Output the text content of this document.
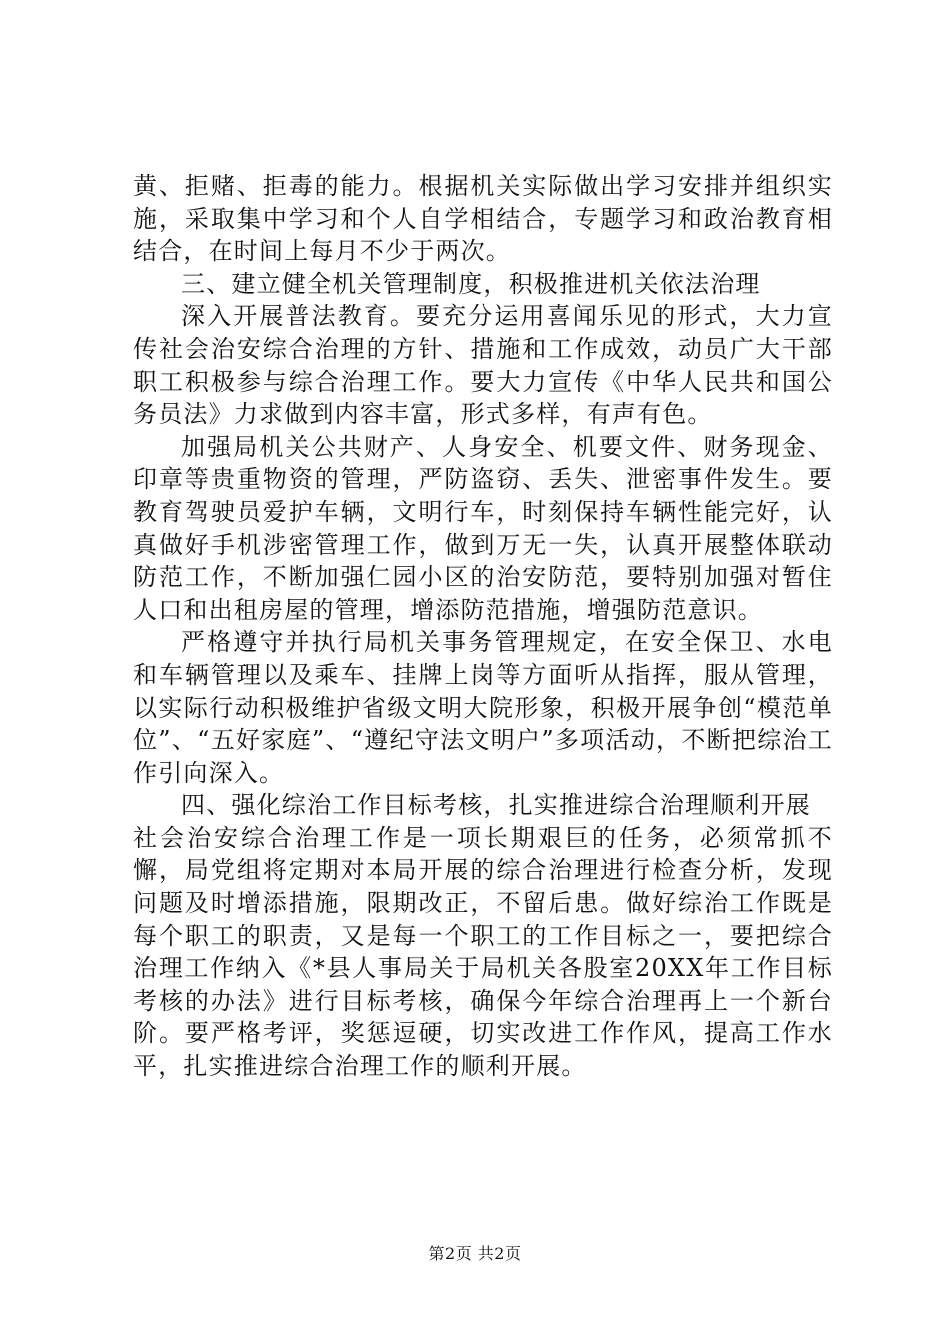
黄、拒赌、拒毒的能力。根据机关实际做出学习安排并组织实施，采取集中学习和个人自学相结合，专题学习和政治教育相结合，在时间上每月不少于两次。

三、建立健全机关管理制度，积极推进机关依法治理

深入开展普法教育。要充分运用喜闻乐见的形式，大力宣传社会治安综合治理的方针、措施和工作成效，动员广大干部职工积极参与综合治理工作。要大力宣传《中华人民共和国公务员法》力求做到内容丰富，形式多样，有声有色。

加强局机关公共财产、人身安全、机要文件、财务现金、印章等贵重物资的管理，严防盗窃、丢失、泄密事件发生。要教育驾驶员爱护车辆，文明行车，时刻保持车辆性能完好，认真做好手机涉密管理工作，做到万无一失，认真开展整体联动防范工作，不断加强仁园小区的治安防范，要特别加强对暂住人口和出租房屋的管理，增添防范措施，增强防范意识。

严格遵守并执行局机关事务管理规定，在安全保卫、水电和车辆管理以及乘车、挂牌上岗等方面听从指挥，服从管理，以实际行动积极维护省级文明大院形象，积极开展争创“模范单位”、“五好家庭”、“遵纪守法文明户”多项活动，不断把综治工作引向深入。

四、强化综治工作目标考核，扎实推进综合治理顺利开展

社会治安综合治理工作是一项长期艰巨的任务，必须常抓不懈，局党组将定期对本局开展的综合治理进行检查分析，发现问题及时增添措施，限期改正，不留后患。做好综治工作既是每个职工的职责，又是每一个职工的工作目标之一，要把综合治理工作纳入《*县人事局关于局机关各股室20XX年工作目标考核的办法》进行目标考核，确保今年综合治理再上一个新台阶。要严格考评，奖惩逗硬，切实改进工作作风，提高工作水平，扎实推进综合治理工作的顺利开展。

第2页 共2页
